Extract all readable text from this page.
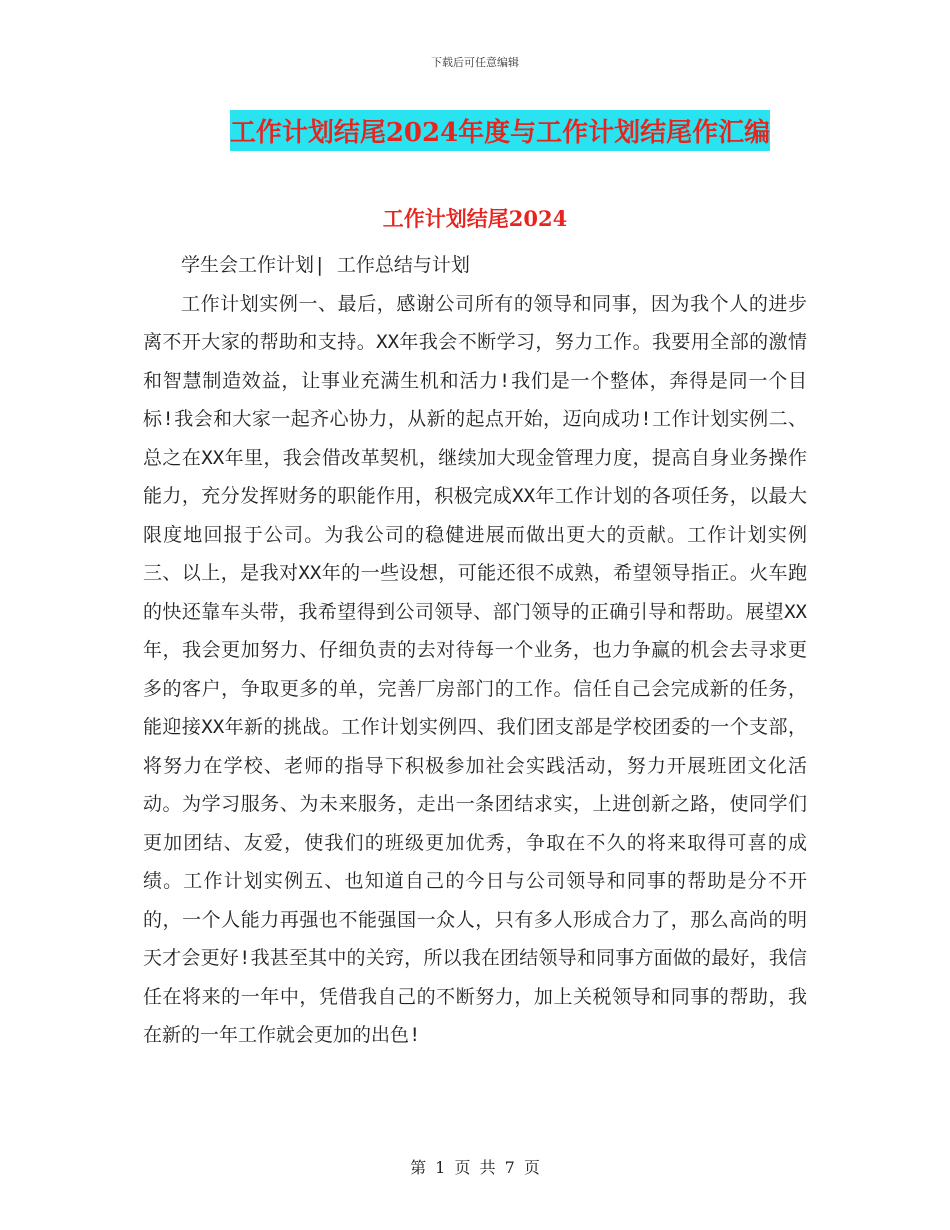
下载后可任意编辑
工作计划结尾2024年度与工作计划结尾作汇编
工作计划结尾2024

学生会工作计划| 工作总结与计划

工作计划实例一、最后，感谢公司所有的领导和同事，因为我个人的进步离不开大家的帮助和支持。XX年我会不断学习，努力工作。我要用全部的激情和智慧制造效益，让事业充满生机和活力!我们是一个整体，奔得是同一个目标!我会和大家一起齐心协力，从新的起点开始，迈向成功!工作计划实例二、总之在XX年里，我会借改革契机，继续加大现金管理力度，提高自身业务操作能力，充分发挥财务的职能作用，积极完成XX年工作计划的各项任务，以最大限度地回报于公司。为我公司的稳健进展而做出更大的贡献。工作计划实例三、以上，是我对XX年的一些设想，可能还很不成熟，希望领导指正。火车跑的快还靠车头带，我希望得到公司领导、部门领导的正确引导和帮助。展望XX年，我会更加努力、仔细负责的去对待每一个业务，也力争赢的机会去寻求更多的客户，争取更多的单，完善厂房部门的工作。信任自己会完成新的任务，能迎接XX年新的挑战。工作计划实例四、我们团支部是学校团委的一个支部，将努力在学校、老师的指导下积极参加社会实践活动，努力开展班团文化活动。为学习服务、为未来服务，走出一条团结求实，上进创新之路，使同学们更加团结、友爱，使我们的班级更加优秀，争取在不久的将来取得可喜的成绩。工作计划实例五、也知道自己的今日与公司领导和同事的帮助是分不开的，一个人能力再强也不能强国一众人，只有多人形成合力了，那么高尚的明天才会更好!我甚至其中的关窍，所以我在团结领导和同事方面做的最好，我信任在将来的一年中，凭借我自己的不断努力，加上关税领导和同事的帮助，我在新的一年工作就会更加的出色!

第 1 页 共 7 页
